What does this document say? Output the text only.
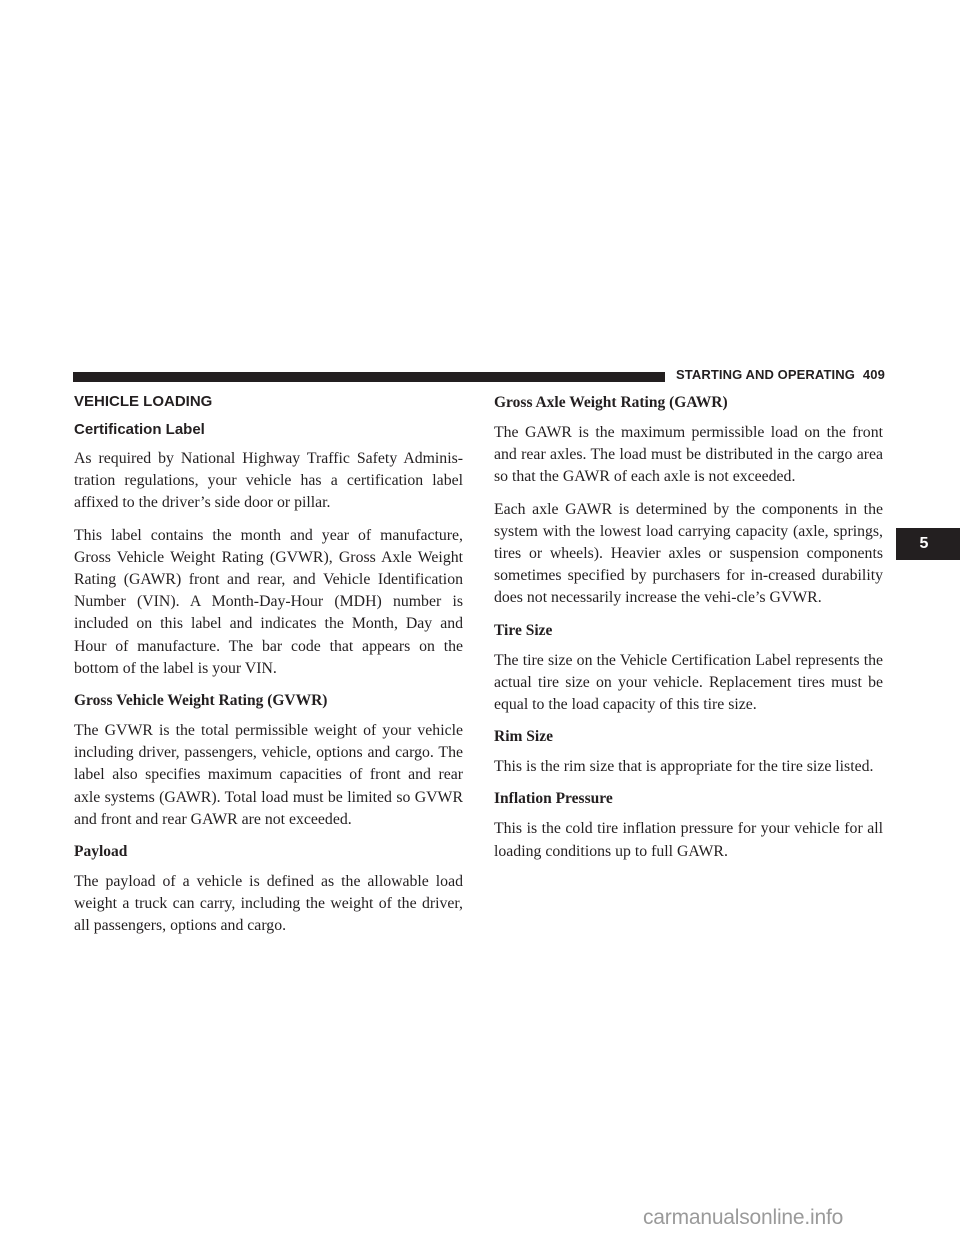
STARTING AND OPERATING 409
5
VEHICLE LOADING
Certification Label

As required by National Highway Traffic Safety Adminis-tration regulations, your vehicle has a certification label affixed to the driver’s side door or pillar.

This label contains the month and year of manufacture, Gross Vehicle Weight Rating (GVWR), Gross Axle Weight Rating (GAWR) front and rear, and Vehicle Identification Number (VIN). A Month-Day-Hour (MDH) number is included on this label and indicates the Month, Day and Hour of manufacture. The bar code that appears on the bottom of the label is your VIN.

Gross Vehicle Weight Rating (GVWR)

The GVWR is the total permissible weight of your vehicle including driver, passengers, vehicle, options and cargo. The label also specifies maximum capacities of front and rear axle systems (GAWR). Total load must be limited so GVWR and front and rear GAWR are not exceeded.

Payload

The payload of a vehicle is defined as the allowable load weight a truck can carry, including the weight of the driver, all passengers, options and cargo.

Gross Axle Weight Rating (GAWR)

The GAWR is the maximum permissible load on the front and rear axles. The load must be distributed in the cargo area so that the GAWR of each axle is not exceeded.

Each axle GAWR is determined by the components in the system with the lowest load carrying capacity (axle, springs, tires or wheels). Heavier axles or suspension components sometimes specified by purchasers for in-creased durability does not necessarily increase the vehi-cle’s GVWR.

Tire Size

The tire size on the Vehicle Certification Label represents the actual tire size on your vehicle. Replacement tires must be equal to the load capacity of this tire size.

Rim Size

This is the rim size that is appropriate for the tire size listed.

Inflation Pressure

This is the cold tire inflation pressure for your vehicle for all loading conditions up to full GAWR.

carmanualsonline.info
